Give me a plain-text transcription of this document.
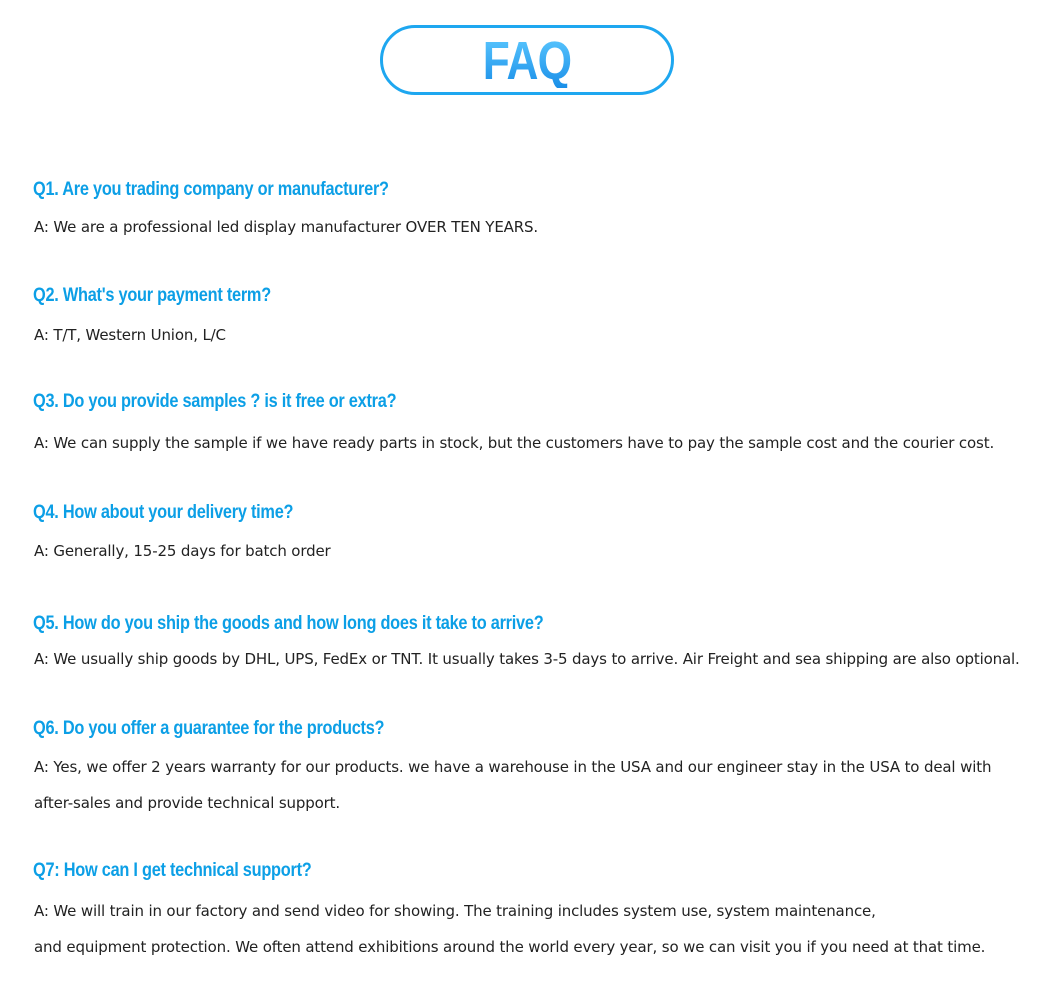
FAQ
Q1. Are you trading company or manufacturer?
A: We are a professional led display manufacturer OVER TEN YEARS.
Q2. What's your payment term?
A: T/T, Western Union, L/C
Q3. Do you provide samples ? is it free or extra?
A: We can supply the sample if we have ready parts in stock, but the customers have to pay the sample cost and the courier cost.
Q4. How about your delivery time?
A: Generally, 15-25 days for batch order
Q5. How do you ship the goods and how long does it take to arrive?
A: We usually ship goods by DHL, UPS, FedEx or TNT. It usually takes 3-5 days to arrive. Air Freight and sea shipping are also optional.
Q6. Do you offer a guarantee for the products?
A: Yes, we offer 2 years warranty for our products. we have a warehouse in the USA and our engineer stay in the USA to deal with
after-sales and provide technical support.
Q7: How can I get technical support?
A: We will train in our factory and send video for showing. The training includes system use, system maintenance,
and equipment protection. We often attend exhibitions around the world every year, so we can visit you if you need at that time.
